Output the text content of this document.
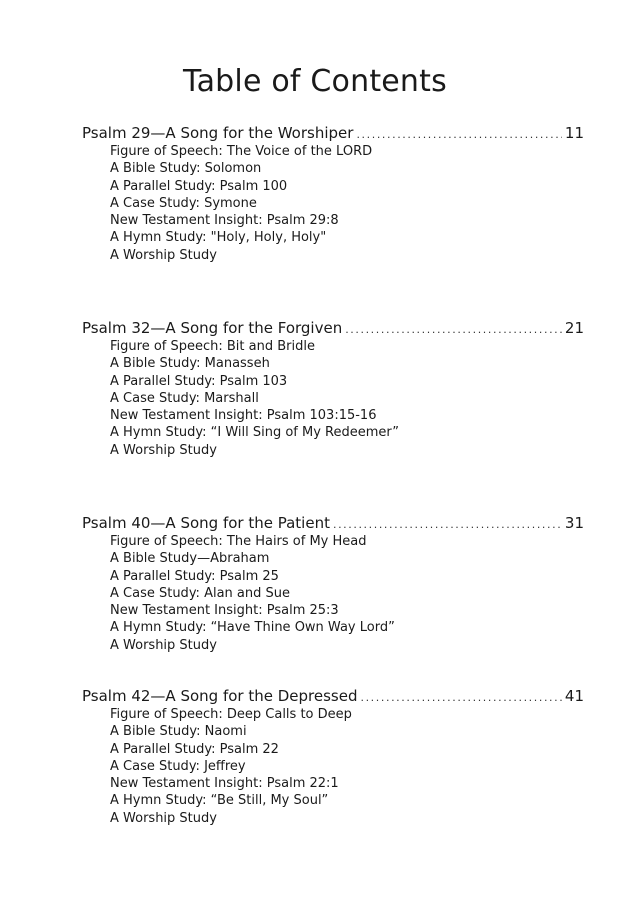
Table of Contents
Psalm 29—A Song for the Worshiper .....	11
Figure of Speech: The Voice of the LORD
A Bible Study: Solomon
A Parallel Study: Psalm 100
A Case Study: Symone
New Testament Insight: Psalm 29:8
A Hymn Study: "Holy, Holy, Holy"
A Worship Study
Psalm 32—A Song for the Forgiven .....	21
Figure of Speech: Bit and Bridle
A Bible Study: Manasseh
A Parallel Study: Psalm 103
A Case Study: Marshall
New Testament Insight: Psalm 103:15-16
A Hymn Study: “I Will Sing of My Redeemer”
A Worship Study
Psalm 40—A Song for the Patient .....	31
Figure of Speech: The Hairs of My Head
A Bible Study—Abraham
A Parallel Study: Psalm 25
A Case Study: Alan and Sue
New Testament Insight: Psalm 25:3
A Hymn Study: “Have Thine Own Way Lord”
A Worship Study
Psalm 42—A Song for the Depressed .....	41
Figure of Speech: Deep Calls to Deep
A Bible Study: Naomi
A Parallel Study: Psalm 22
A Case Study: Jeffrey
New Testament Insight: Psalm 22:1
A Hymn Study: “Be Still, My Soul”
A Worship Study
